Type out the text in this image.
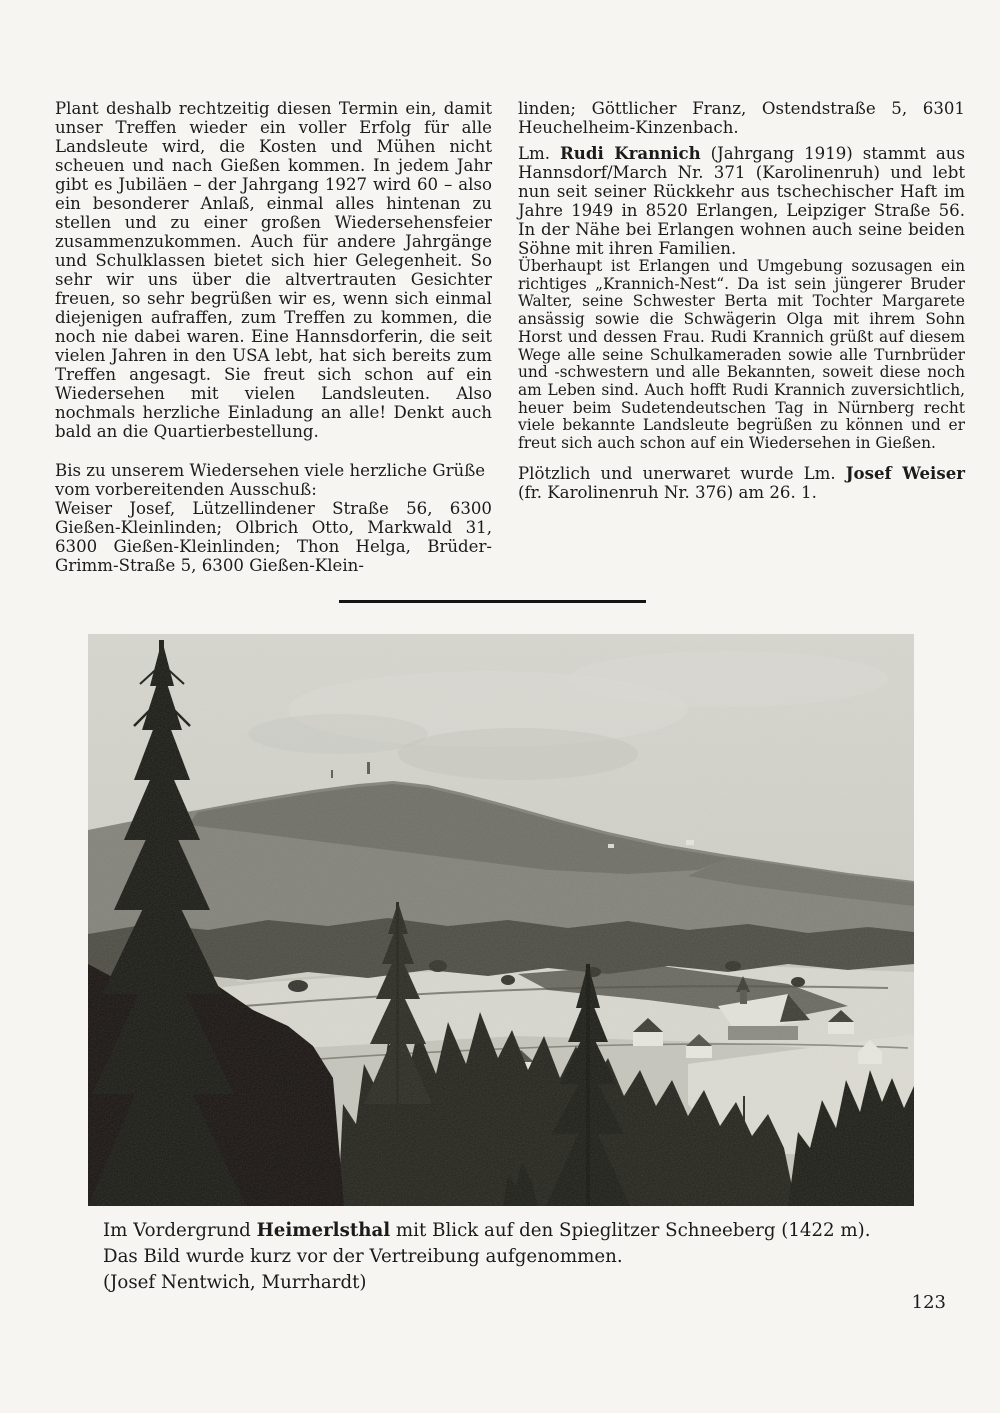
Plant deshalb rechtzeitig diesen Termin ein, damit unser Treffen wieder ein voller Erfolg für alle Landsleute wird, die Kosten und Mühen nicht scheuen und nach Gießen kommen. In jedem Jahr gibt es Jubiläen – der Jahrgang 1927 wird 60 – also ein besonderer Anlaß, einmal alles hintenan zu stellen und zu einer großen Wiedersehensfeier zusammenzukommen. Auch für andere Jahrgänge und Schulklassen bietet sich hier Gelegenheit. So sehr wir uns über die altvertrauten Gesichter freuen, so sehr begrüßen wir es, wenn sich einmal diejenigen aufraffen, zum Treffen zu kommen, die noch nie dabei waren. Eine Hannsdorferin, die seit vielen Jahren in den USA lebt, hat sich bereits zum Treffen angesagt. Sie freut sich schon auf ein Wiedersehen mit vielen Landsleuten. Also nochmals herzliche Einladung an alle! Denkt auch bald an die Quartierbestellung.

Bis zu unserem Wiedersehen viele herzliche Grüße vom vorbereitenden Ausschuß:

Weiser Josef, Lützellindener Straße 56, 6300 Gießen-Kleinlinden; Olbrich Otto, Markwald 31, 6300 Gießen-Kleinlinden; Thon Helga, Brüder-Grimm-Straße 5, 6300 Gießen-Klein-

linden; Göttlicher Franz, Ostendstraße 5, 6301 Heuchelheim-Kinzenbach.

Lm. Rudi Krannich (Jahrgang 1919) stammt aus Hannsdorf/March Nr. 371 (Karolinenruh) und lebt nun seit seiner Rückkehr aus tschechischer Haft im Jahre 1949 in 8520 Erlangen, Leipziger Straße 56. In der Nähe bei Erlangen wohnen auch seine beiden Söhne mit ihren Familien.

Überhaupt ist Erlangen und Umgebung sozusagen ein richtiges „Krannich-Nest“. Da ist sein jüngerer Bruder Walter, seine Schwester Berta mit Tochter Margarete ansässig sowie die Schwägerin Olga mit ihrem Sohn Horst und dessen Frau. Rudi Krannich grüßt auf diesem Wege alle seine Schulkameraden sowie alle Turnbrüder und -schwestern und alle Bekannten, soweit diese noch am Leben sind. Auch hofft Rudi Krannich zuversichtlich, heuer beim Sudetendeutschen Tag in Nürnberg recht viele bekannte Landsleute begrüßen zu können und er freut sich auch schon auf ein Wiedersehen in Gießen.

Plötzlich und unerwaret wurde Lm. Josef Weiser (fr. Karolinenruh Nr. 376) am 26. 1.

Im Vordergrund Heimerlsthal mit Blick auf den Spieglitzer Schneeberg (1422 m).
Das Bild wurde kurz vor der Vertreibung aufgenommen.
(Josef Nentwich, Murrhardt)
123
